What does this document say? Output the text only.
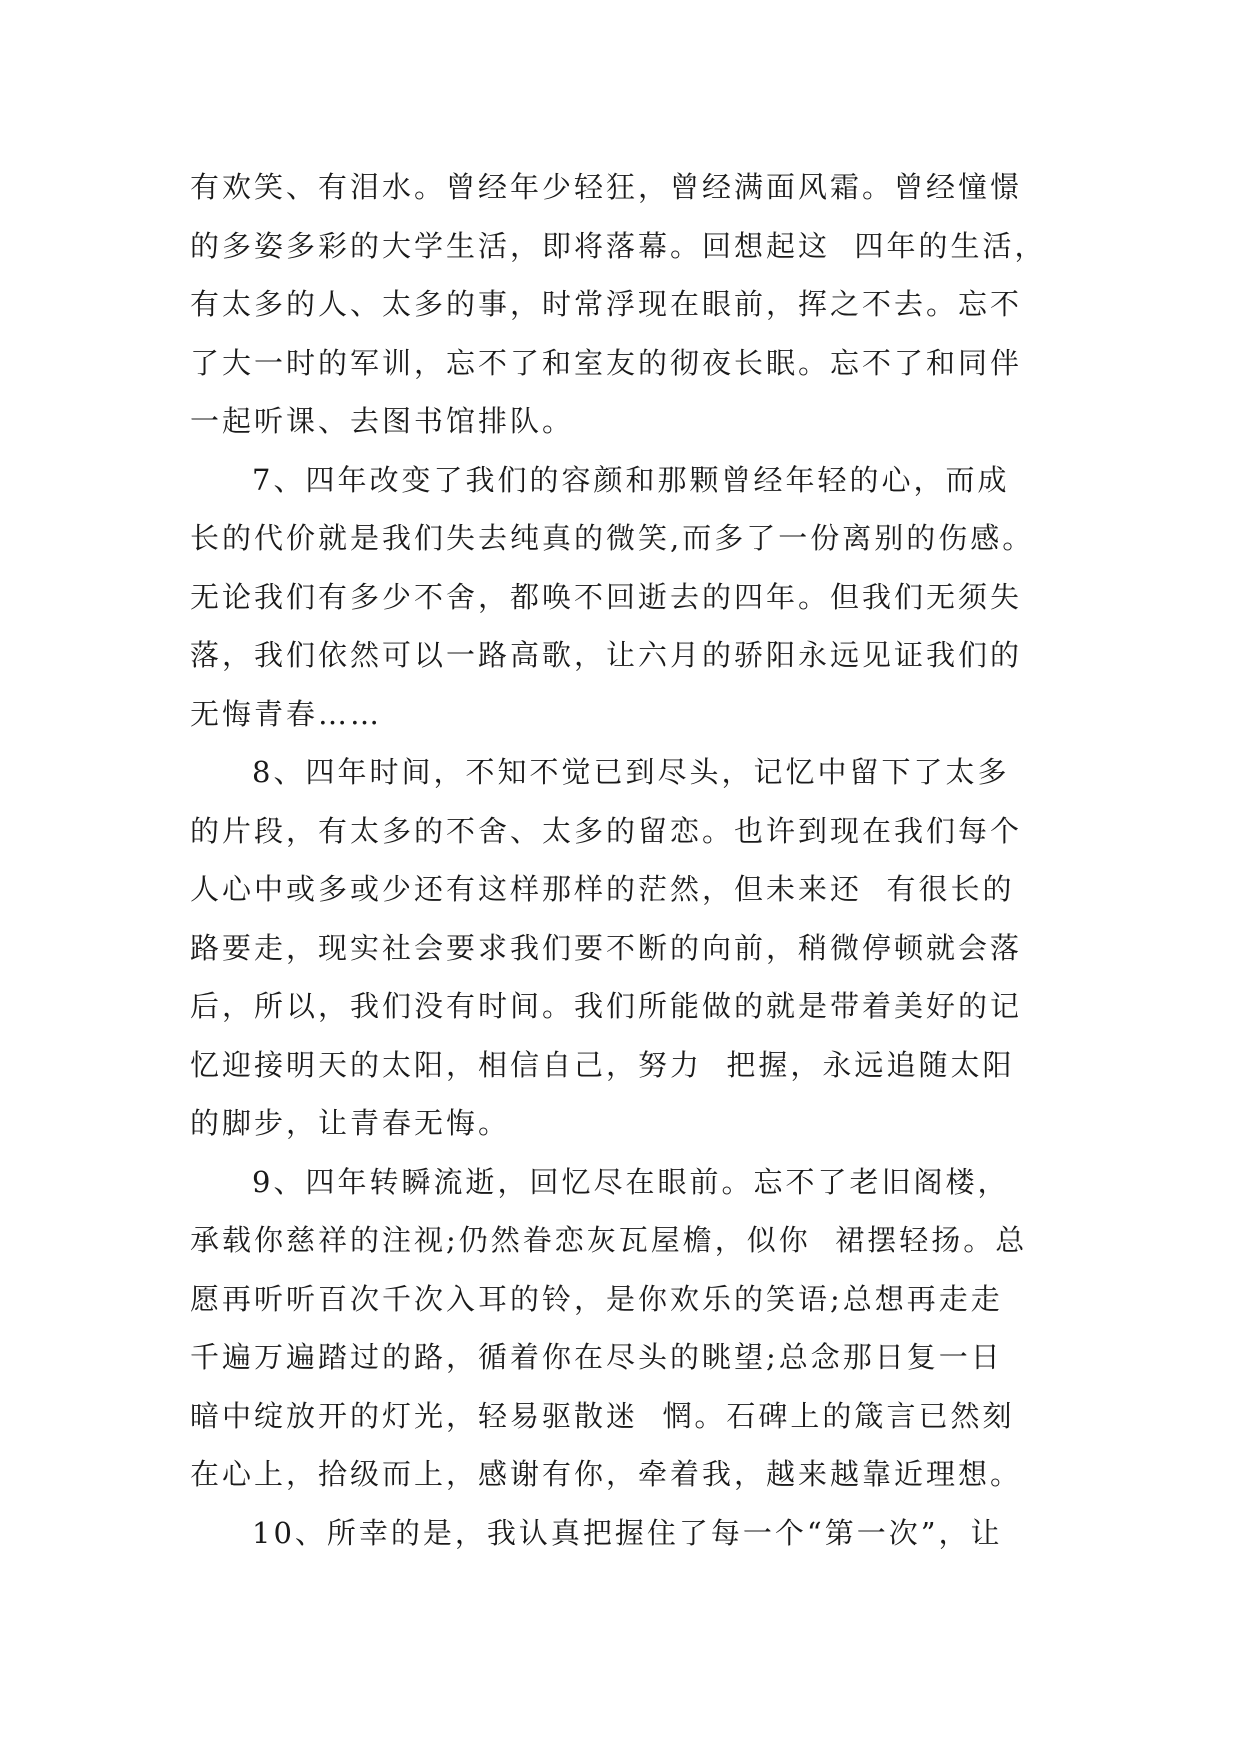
有欢笑、有泪水。曾经年少轻狂，曾经满面风霜。曾经憧憬
的多姿多彩的大学生活，即将落幕。回想起这  四年的生活，
有太多的人、太多的事，时常浮现在眼前，挥之不去。忘不
了大一时的军训，忘不了和室友的彻夜长眠。忘不了和同伴
一起听课、去图书馆排队。
7、四年改变了我们的容颜和那颗曾经年轻的心，而成
长的代价就是我们失去纯真的微笑,而多了一份离别的伤感。
无论我们有多少不舍，都唤不回逝去的四年。但我们无须失
落，我们依然可以一路高歌，让六月的骄阳永远见证我们的
无悔青春……
8、四年时间，不知不觉已到尽头，记忆中留下了太多
的片段，有太多的不舍、太多的留恋。也许到现在我们每个
人心中或多或少还有这样那样的茫然，但未来还  有很长的
路要走，现实社会要求我们要不断的向前，稍微停顿就会落
后，所以，我们没有时间。我们所能做的就是带着美好的记
忆迎接明天的太阳，相信自己，努力  把握，永远追随太阳
的脚步，让青春无悔。
9、四年转瞬流逝，回忆尽在眼前。忘不了老旧阁楼，
承载你慈祥的注视;仍然眷恋灰瓦屋檐，似你  裙摆轻扬。总
愿再听听百次千次入耳的铃，是你欢乐的笑语;总想再走走
千遍万遍踏过的路，循着你在尽头的眺望;总念那日复一日
暗中绽放开的灯光，轻易驱散迷  惘。石碑上的箴言已然刻
在心上，拾级而上，感谢有你，牵着我，越来越靠近理想。
10、所幸的是，我认真把握住了每一个“第一次”，让
